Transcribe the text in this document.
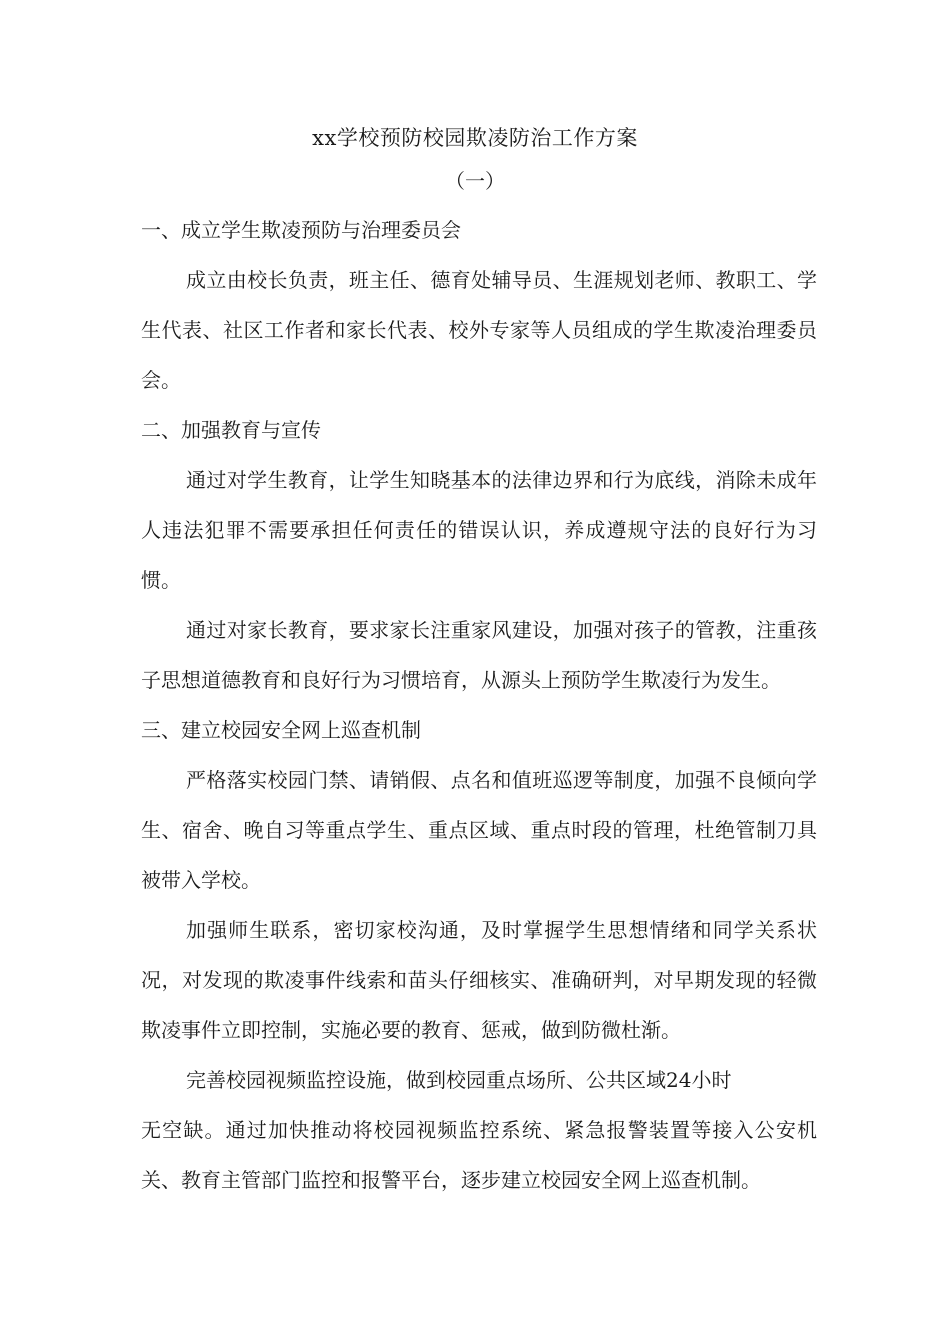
xx学校预防校园欺凌防治工作方案
（一）
一、成立学生欺凌预防与治理委员会
成立由校长负责，班主任、德育处辅导员、生涯规划老师、教职工、学
生代表、社区工作者和家长代表、校外专家等人员组成的学生欺凌治理委员
会。
二、加强教育与宣传
通过对学生教育，让学生知晓基本的法律边界和行为底线，消除未成年
人违法犯罪不需要承担任何责任的错误认识，养成遵规守法的良好行为习
惯。
通过对家长教育，要求家长注重家风建设，加强对孩子的管教，注重孩
子思想道德教育和良好行为习惯培育，从源头上预防学生欺凌行为发生。
三、建立校园安全网上巡查机制
严格落实校园门禁、请销假、点名和值班巡逻等制度，加强不良倾向学
生、宿舍、晚自习等重点学生、重点区域、重点时段的管理，杜绝管制刀具
被带入学校。
加强师生联系，密切家校沟通，及时掌握学生思想情绪和同学关系状
况，对发现的欺凌事件线索和苗头仔细核实、准确研判，对早期发现的轻微
欺凌事件立即控制，实施必要的教育、惩戒，做到防微杜渐。
完善校园视频监控设施，做到校园重点场所、公共区域24小时
无空缺。通过加快推动将校园视频监控系统、紧急报警装置等接入公安机
关、教育主管部门监控和报警平台，逐步建立校园安全网上巡查机制。
